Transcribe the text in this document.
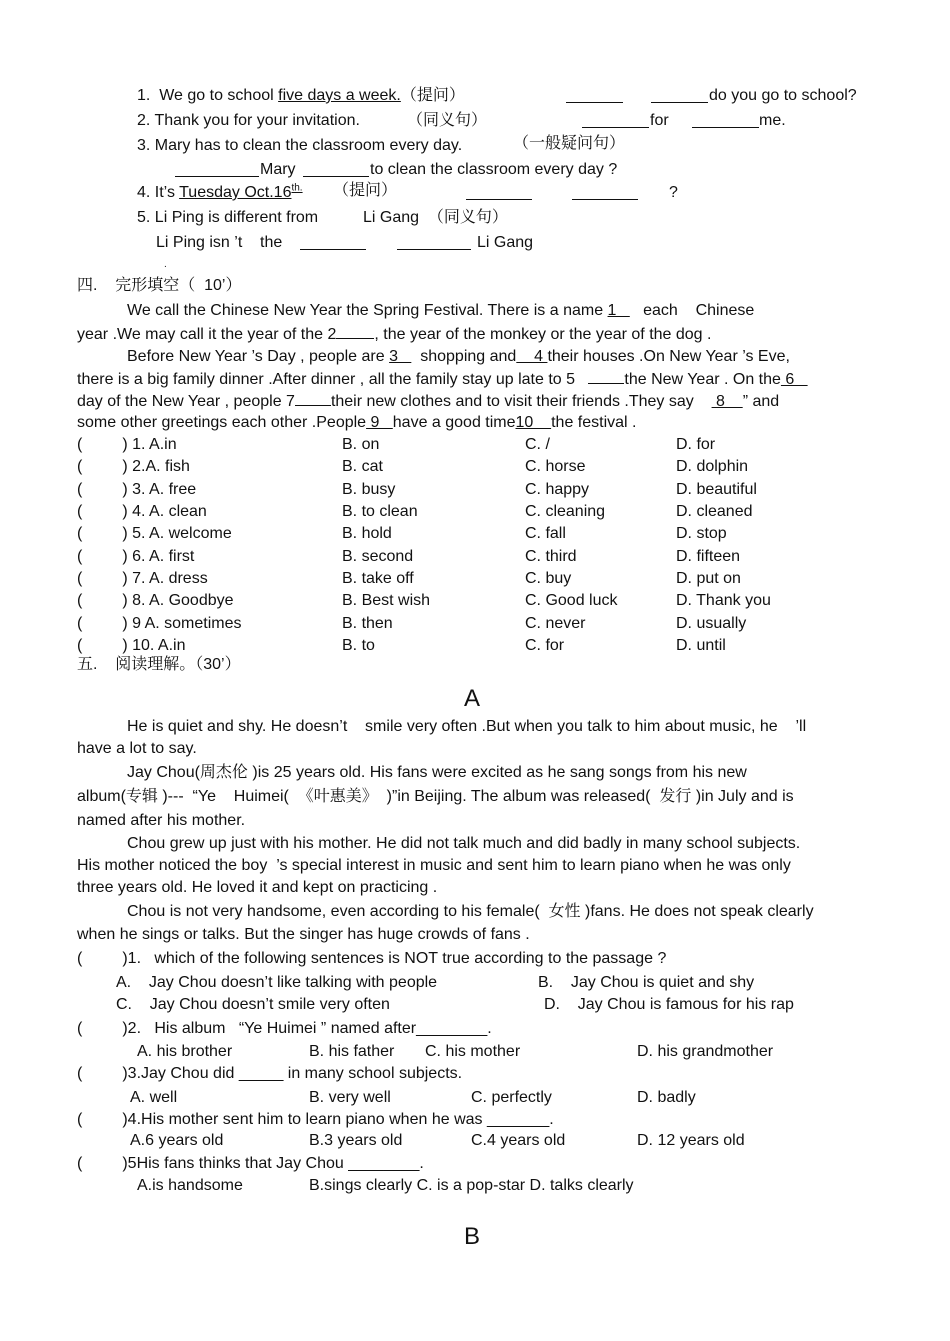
1.  We go to school five days a week.（提问）	do you go to school?
2. Thank you for your invitation.	（同义句）	for	me.
3. Mary has to clean the classroom every day.	（一般疑问句）
Mary	to clean the classroom every day ?
4. It’s Tuesday $Oct.16^{th.}$ （提问）	?
5. Li Ping is different from	Li Gang  （同义句）
Li Ping isn ’t    the	Li Gang
.
四.    完形填空（  10’）
We call the Chinese New Year the Spring Festival. There is a name 1      each    Chinese
year .We may call it the year of the 2 , the year of the monkey or the year of the dog .
Before New Year ’s Day , people are 3     shopping and    4 their houses .On New Year ’s Eve,
there is a big family dinner .After dinner , all the family stay up late to 5	the New Year . On the 6
day of the New Year , people 7 their new clothes and to visit their friends .They say     8    ” and
some other greetings each other .People 9   have a good time10    the festival .
(         ) 1. A.in	B. on	C. /	D. for
(         ) 2.A. fish	B. cat	C. horse	D. dolphin
(         ) 3. A. free	B. busy	C. happy	D. beautiful
(         ) 4. A. clean	B. to clean	C. cleaning	D. cleaned
(         ) 5. A. welcome	B. hold	C. fall	D. stop
(         ) 6. A. first	B. second	C. third	D. fifteen
(         ) 7. A. dress	B. take off	C. buy	D. put on
(         ) 8. A. Goodbye	B. Best wish	C. Good luck	D. Thank you
(         ) 9 A. sometimes	B. then	C. never	D. usually
(         ) 10. A.in	B. to	C. for	D. until
五.    阅读理解。（30’）
A
He is quiet and shy. He doesn’t    smile very often .But when you talk to him about music, he    ’ll
have a lot to say.
Jay Chou(周杰伦 )is 25 years old. His fans were excited as he sang songs from his new
album(专辑 )---  “Ye    Huimei(  《叶惠美》  )”in Beijing. The album was released(  发行 )in July and is
named after his mother.
Chou grew up just with his mother. He did not talk much and did badly in many school subjects.
His mother noticed the boy  ’s special interest in music and sent him to learn piano when he was only
three years old. He loved it and kept on practicing .
Chou is not very handsome, even according to his female(  女性 )fans. He does not speak clearly
when he sings or talks. But the singer has huge crowds of fans .
(         )1.   which of the following sentences is NOT true according to the passage ?
A.    Jay Chou doesn’t like talking with people	B.    Jay Chou is quiet and shy
C.    Jay Chou doesn’t smile very often	D.    Jay Chou is famous for his rap
(         )2.   His album   “Ye Huimei ” named after________.
A. his brother	B. his father C. his mother	D. his grandmother
(         )3.Jay Chou did _____ in many school subjects.
A. well	B. very well	C. perfectly	D. badly
(         )4.His mother sent him to learn piano when he was _______.
A.6 years old	B.3 years old	C.4 years old	D. 12 years old
(         )5His fans thinks that Jay Chou ________.
A.is handsome	B.sings clearly C. is a pop-star D. talks clearly
B
